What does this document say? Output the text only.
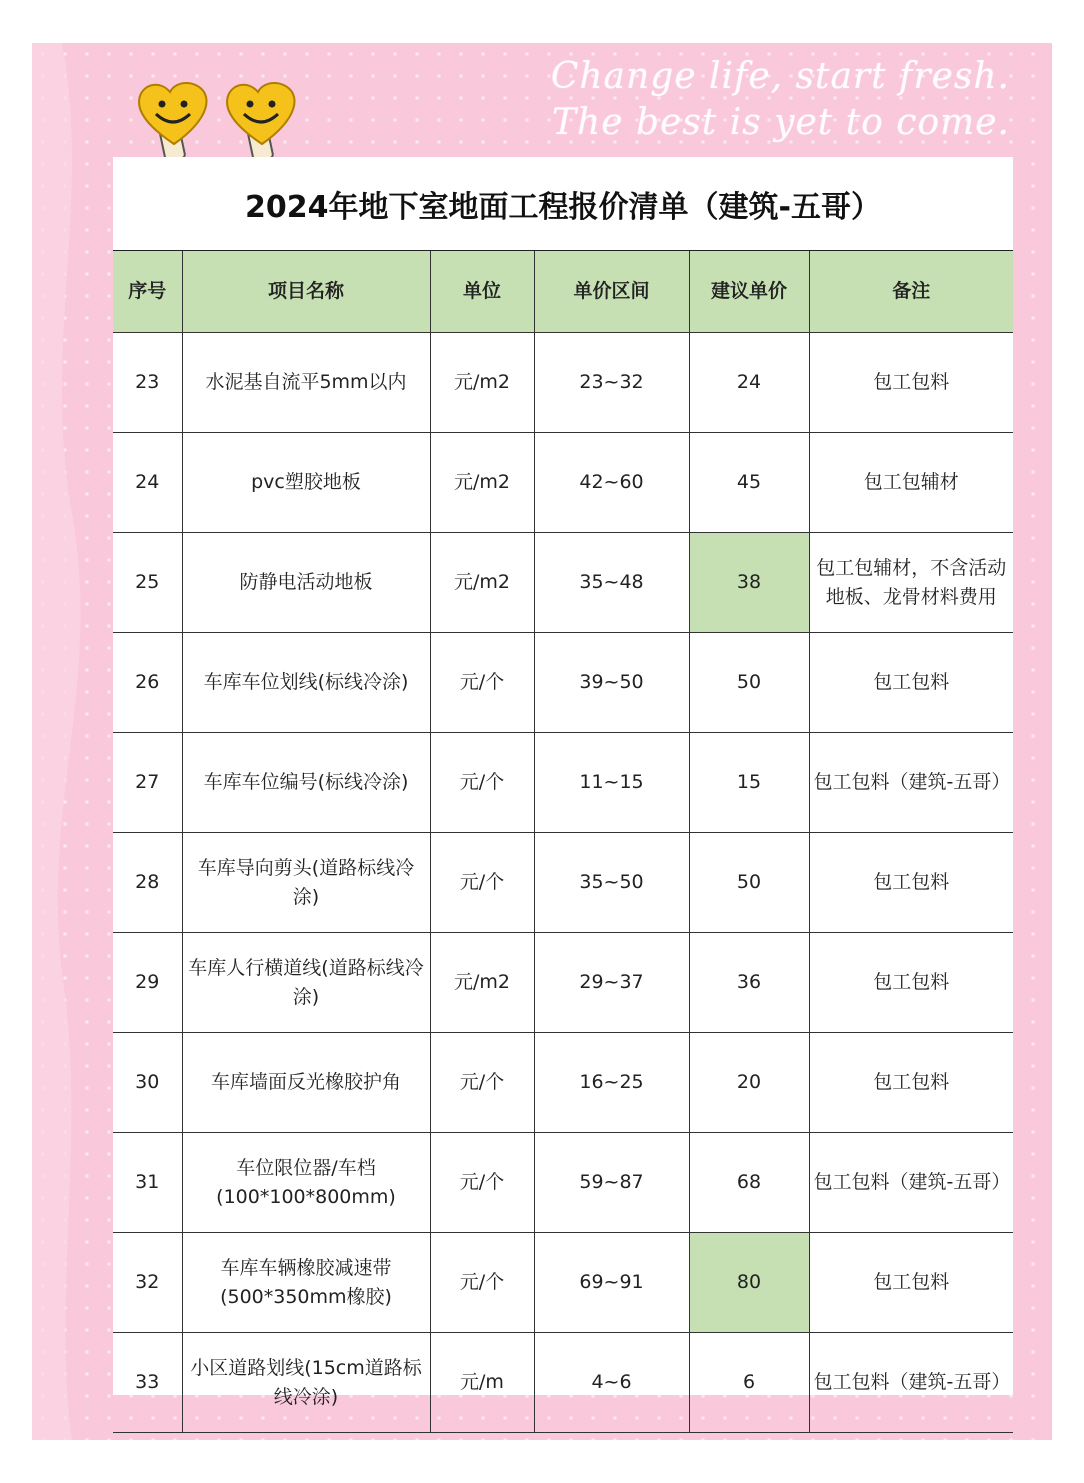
Change life, start fresh.
The best is yet to come.
2024年地下室地面工程报价清单（建筑-五哥）
序号	项目名称	单位	单价区间	建议单价	备注
23	水泥基自流平5mm以内	元/m2	23~32	24	包工包料
24	pvc塑胶地板	元/m2	42~60	45	包工包辅材
25	防静电活动地板	元/m2	35~48	38	包工包辅材，不含活动地板、龙骨材料费用
26	车库车位划线(标线冷涂)	元/个	39~50	50	包工包料
27	车库车位编号(标线冷涂)	元/个	11~15	15	包工包料（建筑-五哥）
28	车库导向剪头(道路标线冷涂)	元/个	35~50	50	包工包料
29	车库人行横道线(道路标线冷涂)	元/m2	29~37	36	包工包料
30	车库墙面反光橡胶护角	元/个	16~25	20	包工包料
31	车位限位器/车档(100*100*800mm)	元/个	59~87	68	包工包料（建筑-五哥）
32	车库车辆橡胶减速带(500*350mm橡胶)	元/个	69~91	80	包工包料
33	小区道路划线(15cm道路标线冷涂)	元/m	4~6	6	包工包料（建筑-五哥）
